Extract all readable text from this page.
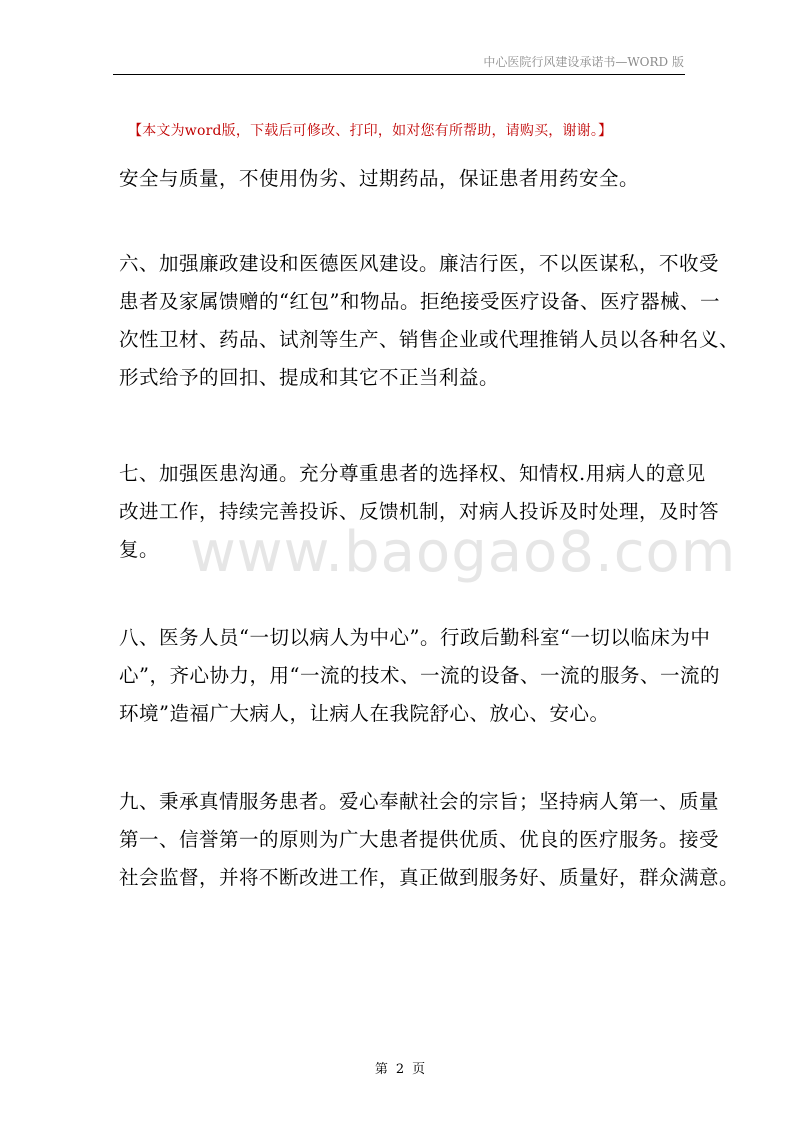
中心医院行风建设承诺书—WORD 版
【本文为word版，下载后可修改、打印，如对您有所帮助，请购买，谢谢。】
www.baogao8.com
安全与质量，不使用伪劣、过期药品，保证患者用药安全。
六、加强廉政建设和医德医风建设。廉洁行医，不以医谋私，不收受
患者及家属馈赠的“红包”和物品。拒绝接受医疗设备、医疗器械、一
次性卫材、药品、试剂等生产、销售企业或代理推销人员以各种名义、
形式给予的回扣、提成和其它不正当利益。
七、加强医患沟通。充分尊重患者的选择权、知情权.用病人的意见
改进工作，持续完善投诉、反馈机制，对病人投诉及时处理，及时答
复。
八、医务人员“一切以病人为中心”。行政后勤科室“一切以临床为中
心”，齐心协力，用“一流的技术、一流的设备、一流的服务、一流的
环境”造福广大病人，让病人在我院舒心、放心、安心。
九、秉承真情服务患者。爱心奉献社会的宗旨；坚持病人第一、质量
第一、信誉第一的原则为广大患者提供优质、优良的医疗服务。接受
社会监督，并将不断改进工作，真正做到服务好、质量好，群众满意。
第 2 页
